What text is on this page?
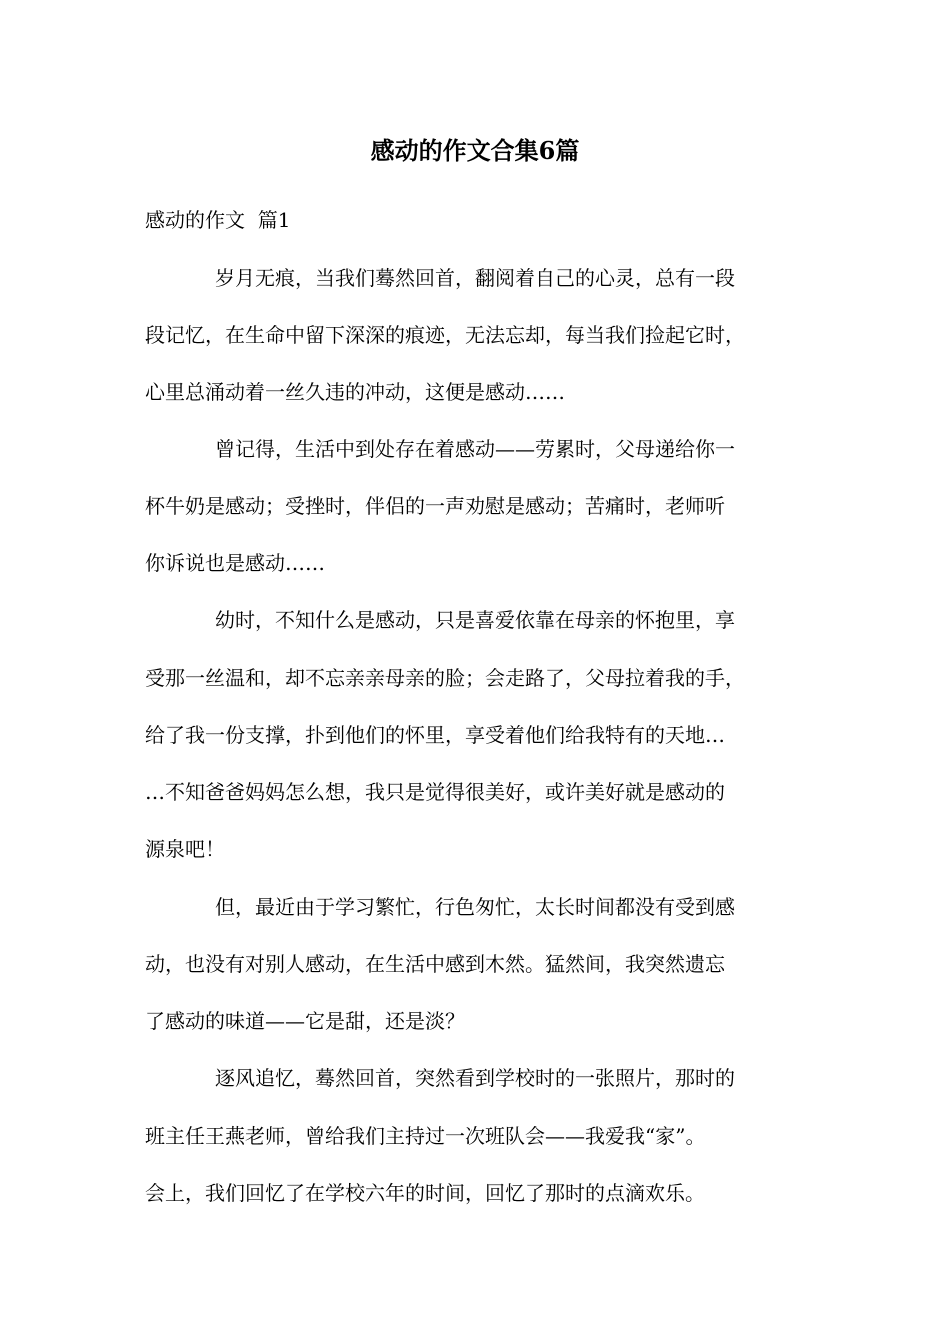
感动的作文合集6篇

感动的作文  篇1

岁月无痕，当我们蓦然回首，翻阅着自己的心灵，总有一段

段记忆，在生命中留下深深的痕迹，无法忘却，每当我们捡起它时，

心里总涌动着一丝久违的冲动，这便是感动……

曾记得，生活中到处存在着感动——劳累时，父母递给你一

杯牛奶是感动；受挫时，伴侣的一声劝慰是感动；苦痛时，老师听

你诉说也是感动……

幼时，不知什么是感动，只是喜爱依靠在母亲的怀抱里，享

受那一丝温和，却不忘亲亲母亲的脸；会走路了，父母拉着我的手，

给了我一份支撑，扑到他们的怀里，享受着他们给我特有的天地…

…不知爸爸妈妈怎么想，我只是觉得很美好，或许美好就是感动的

源泉吧！

但，最近由于学习繁忙，行色匆忙，太长时间都没有受到感

动，也没有对别人感动，在生活中感到木然。猛然间，我突然遗忘

了感动的味道——它是甜，还是淡？

逐风追忆，蓦然回首，突然看到学校时的一张照片，那时的

班主任王燕老师，曾给我们主持过一次班队会——我爱我“家”。

会上，我们回忆了在学校六年的时间，回忆了那时的点滴欢乐。
